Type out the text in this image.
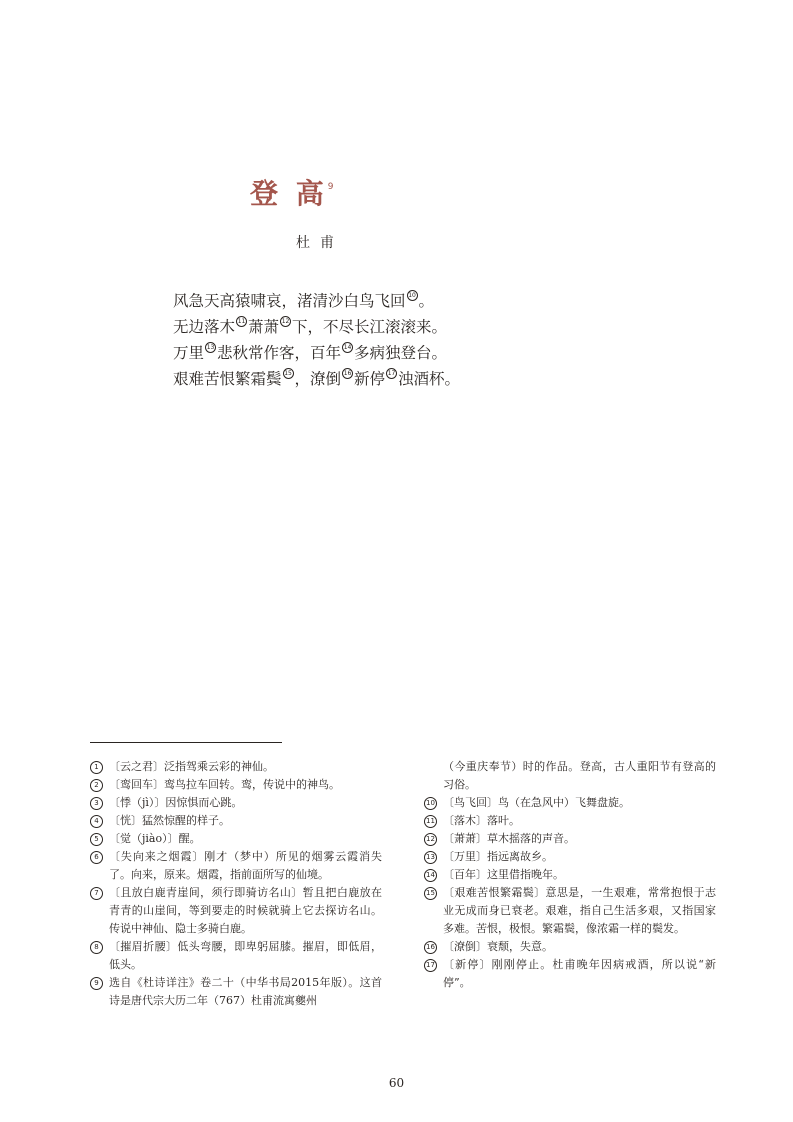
登 高$^9$
杜甫
风急天高猿啸哀，渚清沙白鸟飞回 10 。
无边落木 11 萧萧 12 下，不尽长江滚滚来。
万里 13 悲秋常作客，百年 14 多病独登台。
艰难苦恨繁霜鬓 15 ，潦倒 16 新停 17 浊酒杯。
1 〔云之君〕泛指驾乘云彩的神仙。
2 〔鸾回车〕鸾鸟拉车回转。鸾，传说中的神鸟。
3 〔悸（jì）〕因惊惧而心跳。
4 〔恍〕猛然惊醒的样子。
5 〔觉（jiào）〕醒。
6 〔失向来之烟霞〕刚才（梦中）所见的烟雾云霞消失了。向来，原来。烟霞，指前面所写的仙境。
7 〔且放白鹿青崖间，须行即骑访名山〕暂且把白鹿放在青青的山崖间，等到要走的时候就骑上它去探访名山。传说中神仙、隐士多骑白鹿。
8 〔摧眉折腰〕低头弯腰，即卑躬屈膝。摧眉，即低眉，低头。
9 选自《杜诗详注》卷二十（中华书局2015年版）。这首诗是唐代宗大历二年（767）杜甫流寓夔州
（今重庆奉节）时的作品。登高，古人重阳节有登高的习俗。
10 〔鸟飞回〕鸟（在急风中）飞舞盘旋。
11 〔落木〕落叶。
12 〔萧萧〕草木摇落的声音。
13 〔万里〕指远离故乡。
14 〔百年〕这里借指晚年。
15 〔艰难苦恨繁霜鬓〕意思是，一生艰难，常常抱恨于志业无成而身已衰老。艰难，指自己生活多艰，又指国家多难。苦恨，极恨。繁霜鬓，像浓霜一样的鬓发。
16 〔潦倒〕衰颓，失意。
17 〔新停〕刚刚停止。杜甫晚年因病戒酒，所以说“新停”。
60
